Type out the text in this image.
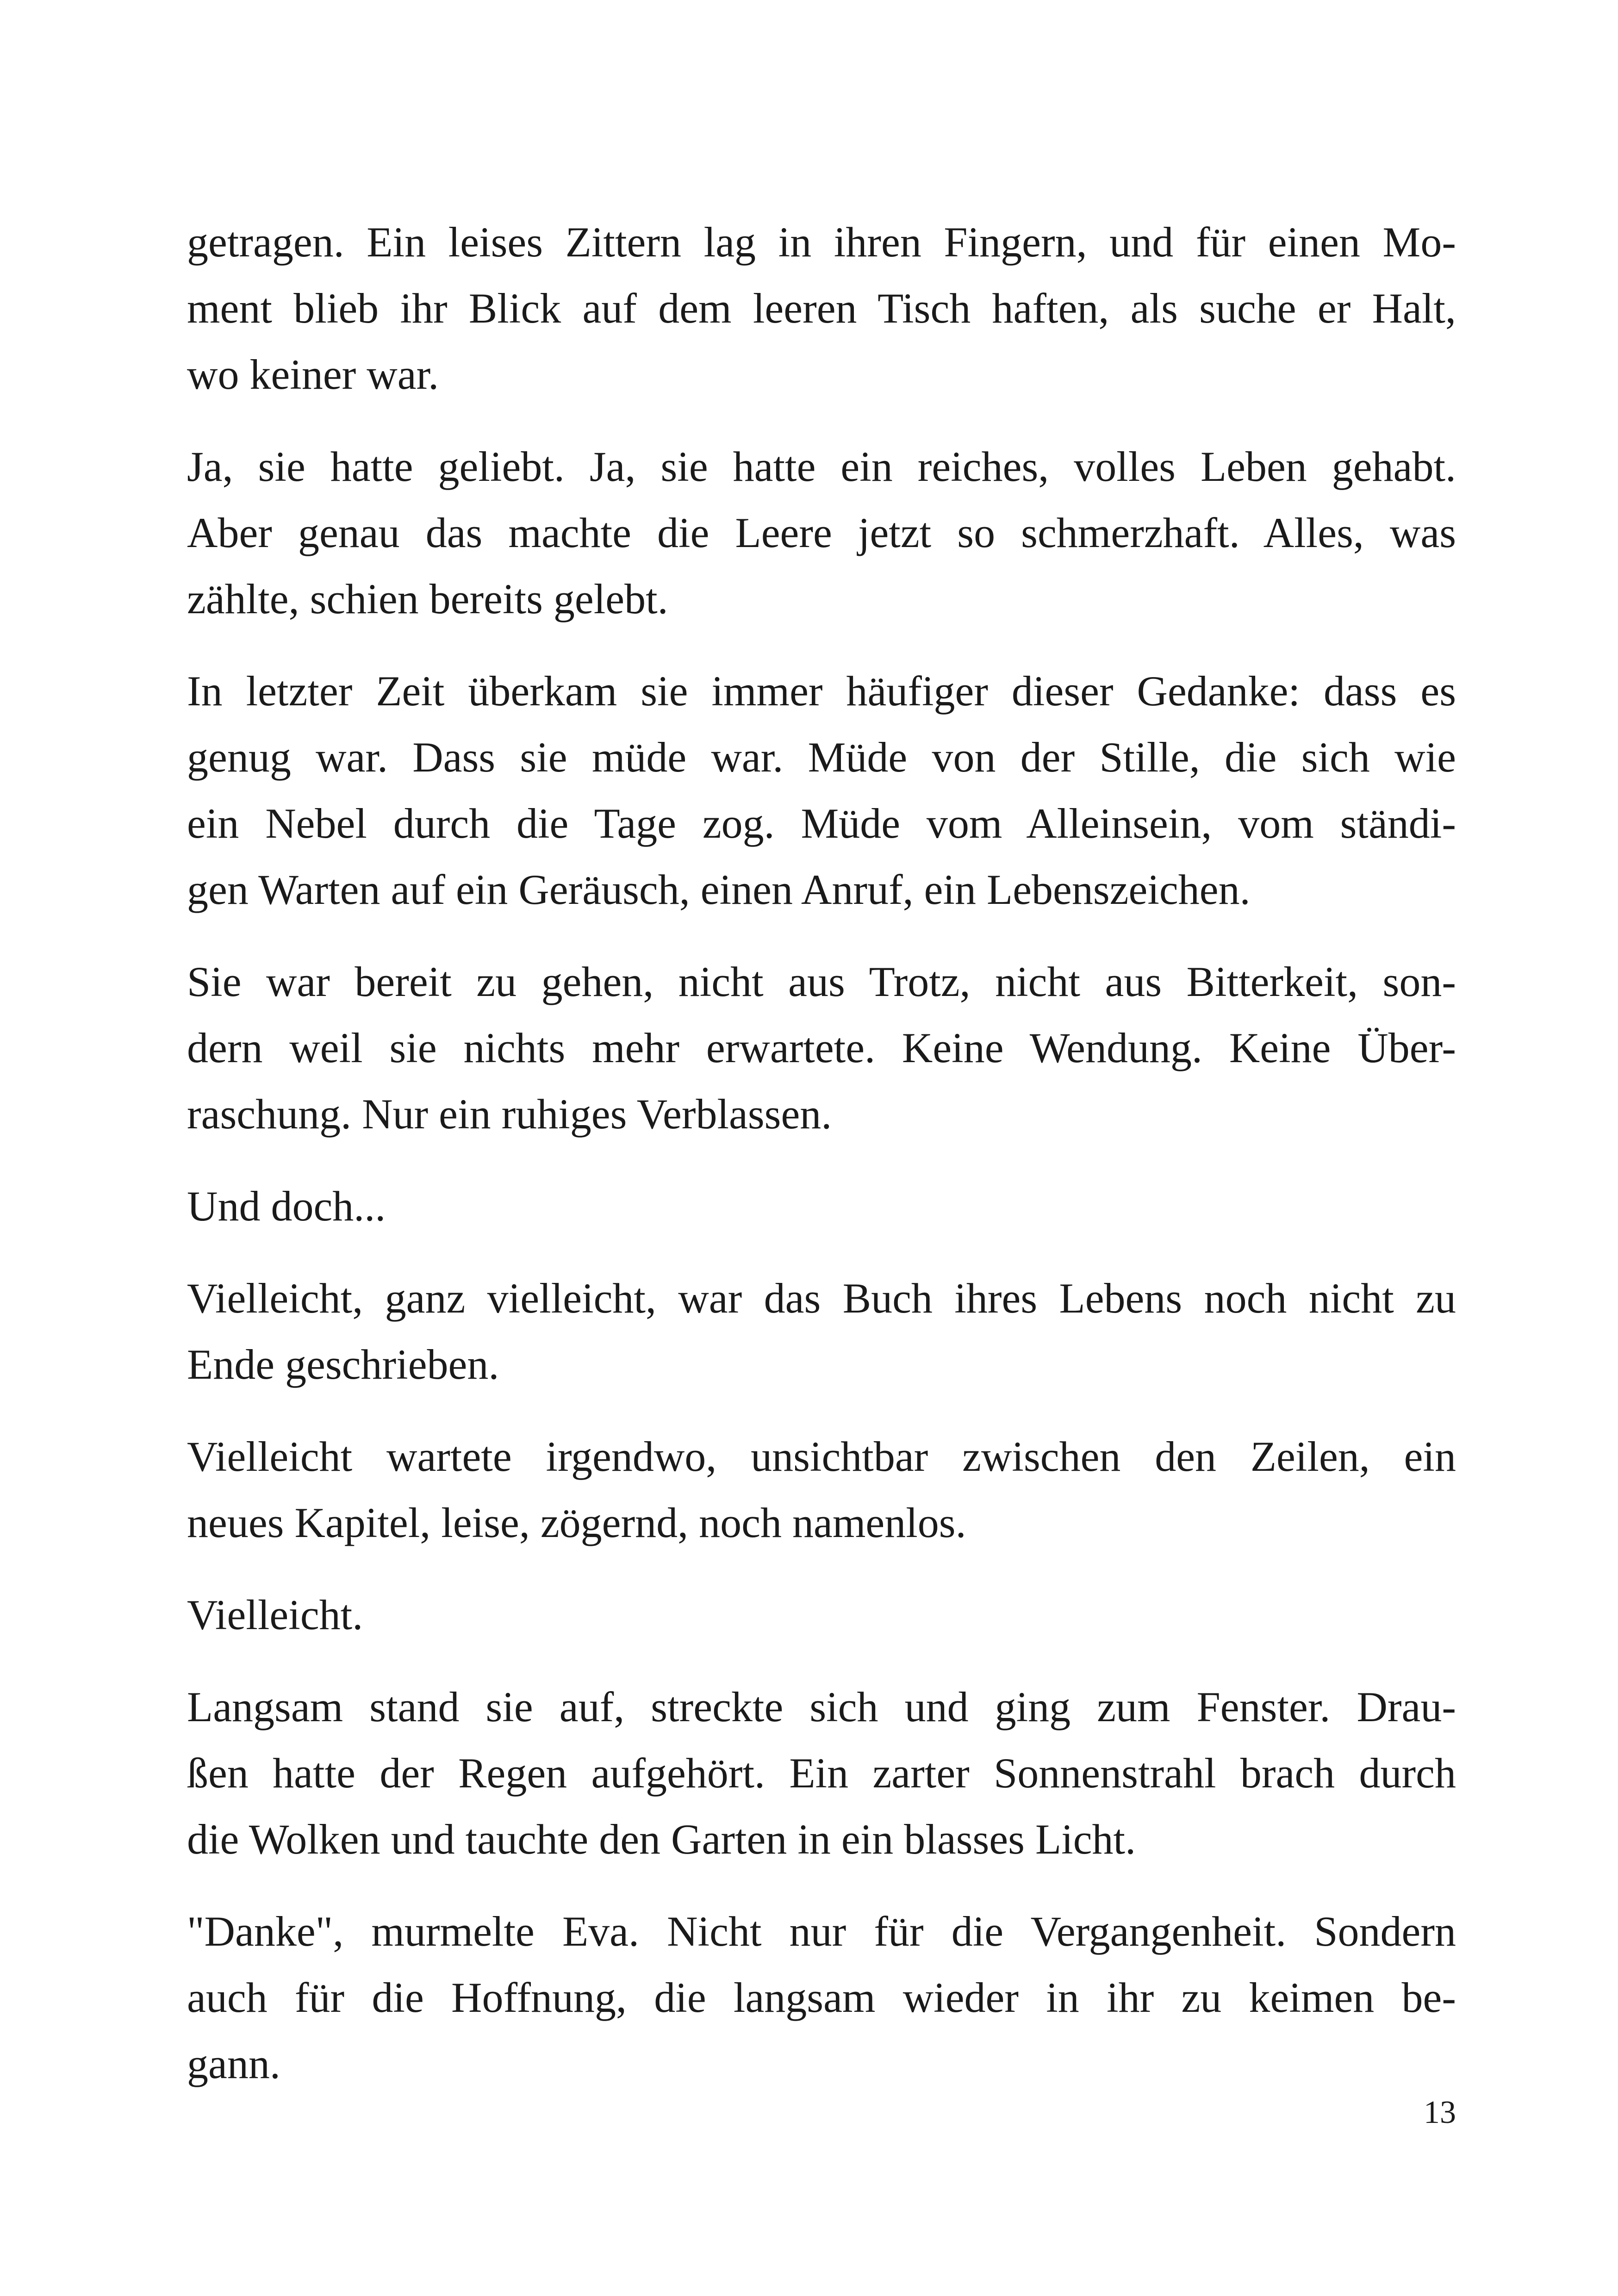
getragen. Ein leises Zittern lag in ihren Fingern, und für einen Mo-
ment blieb ihr Blick auf dem leeren Tisch haften, als suche er Halt,
wo keiner war.

Ja, sie hatte geliebt. Ja, sie hatte ein reiches, volles Leben gehabt.
Aber genau das machte die Leere jetzt so schmerzhaft. Alles, was
zählte, schien bereits gelebt.

In letzter Zeit überkam sie immer häufiger dieser Gedanke: dass es
genug war. Dass sie müde war. Müde von der Stille, die sich wie
ein Nebel durch die Tage zog. Müde vom Alleinsein, vom ständi-
gen Warten auf ein Geräusch, einen Anruf, ein Lebenszeichen.

Sie war bereit zu gehen, nicht aus Trotz, nicht aus Bitterkeit, son-
dern weil sie nichts mehr erwartete. Keine Wendung. Keine Über-
raschung. Nur ein ruhiges Verblassen.

Und doch...

Vielleicht, ganz vielleicht, war das Buch ihres Lebens noch nicht zu
Ende geschrieben.

Vielleicht wartete irgendwo, unsichtbar zwischen den Zeilen, ein
neues Kapitel, leise, zögernd, noch namenlos.

Vielleicht.

Langsam stand sie auf, streckte sich und ging zum Fenster. Drau-
ßen hatte der Regen aufgehört. Ein zarter Sonnenstrahl brach durch
die Wolken und tauchte den Garten in ein blasses Licht.

"Danke", murmelte Eva. Nicht nur für die Vergangenheit. Sondern
auch für die Hoffnung, die langsam wieder in ihr zu keimen be-
gann.

13
